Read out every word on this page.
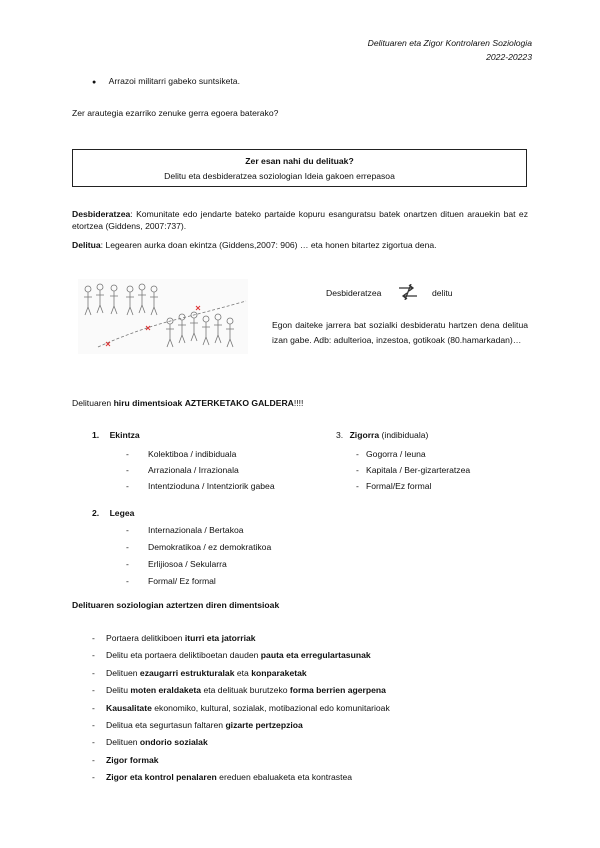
Delituaren eta Zigor Kontrolaren Soziologia
2022-20223
● Arrazoi militarri gabeko suntsiketa.
Zer arautegia ezarriko zenuke gerra egoera baterako?
Zer esan nahi du delituak?
Delitu eta desbideratzea soziologian Ideia gakoen errepasoa
Desbideratzea: Komunitate edo jendarte bateko partaide kopuru esanguratsu batek onartzen dituen arauekin bat ez etortzea (Giddens, 2007:737).
Delitua: Legearen aurka doan ekintza (Giddens,2007: 906) … eta honen bitartez zigortua dena.
Desbideratzea	delitu
Egon daiteke jarrera bat sozialki desbideratu hartzen dena delitua izan gabe. Adb: adulterioa, inzestoa, gotikoak (80.hamarkadan)…
Delituaren hiru dimentsioak AZTERKETAKO GALDERA!!!!
1. Ekintza
- Kolektiboa / indibiduala
- Arrazionala / Irrazionala
- Intentzioduna / Intentziorik gabea
3. Zigorra (indibiduala)
- Gogorra / leuna
- Kapitala / Ber-gizarteratzea
- Formal/Ez formal
2. Legea
- Internazionala / Bertakoa
- Demokratikoa / ez demokratikoa
- Erlijiosoa / Sekularra
- Formal/ Ez formal
Delituaren soziologian aztertzen diren dimentsioak
- Portaera delitkiboen iturri eta jatorriak
- Delitu eta portaera deliktiboetan dauden pauta eta erregulartasunak
- Delituen ezaugarri estrukturalak eta konparaketak
- Delitu moten eraldaketa eta delituak burutzeko forma berrien agerpena
- Kausalitate ekonomiko, kultural, sozialak, motibazional edo komunitarioak
- Delitua eta segurtasun faltaren gizarte pertzepzioa
- Delituen ondorio sozialak
- Zigor formak
- Zigor eta kontrol penalaren ereduen ebaluaketa eta kontrastea
